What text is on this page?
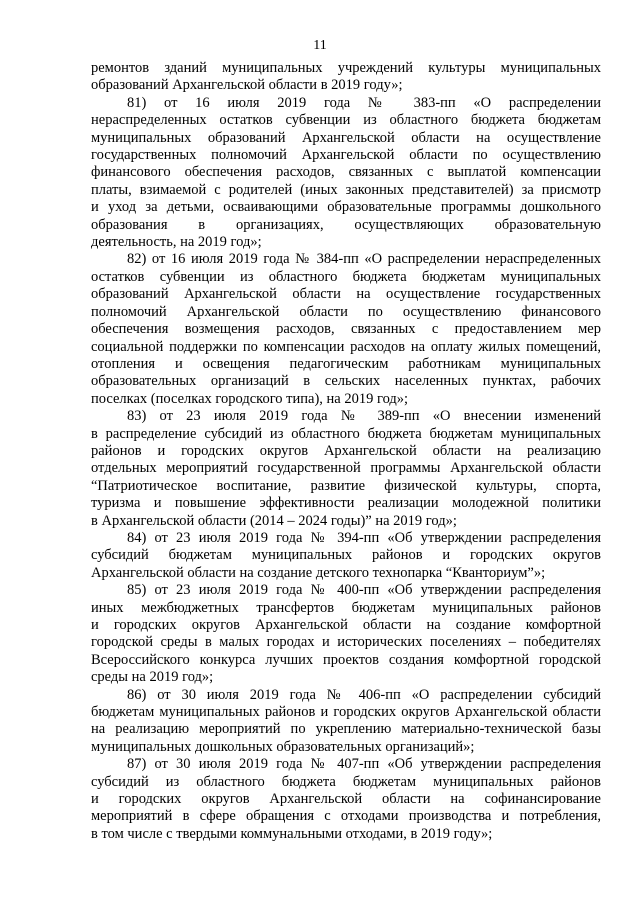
11

ремонтов зданий муниципальных учреждений культуры муниципальных
образований Архангельской области в 2019 году»;

81) от 16 июля 2019 года № 383-пп «О распределении
нераспределенных остатков субвенции из областного бюджета бюджетам
муниципальных образований Архангельской области на осуществление
государственных полномочий Архангельской области по осуществлению
финансового обеспечения расходов, связанных с выплатой компенсации
платы, взимаемой с родителей (иных законных представителей) за присмотр
и уход за детьми, осваивающими образовательные программы дошкольного
образования в организациях, осуществляющих образовательную
деятельность, на 2019 год»;

82) от 16 июля 2019 года № 384-пп «О распределении нераспределенных
остатков субвенции из областного бюджета бюджетам муниципальных
образований Архангельской области на осуществление государственных
полномочий Архангельской области по осуществлению финансового
обеспечения возмещения расходов, связанных с предоставлением мер
социальной поддержки по компенсации расходов на оплату жилых помещений,
отопления и освещения педагогическим работникам муниципальных
образовательных организаций в сельских населенных пунктах, рабочих
поселках (поселках городского типа), на 2019 год»;

83) от 23 июля 2019 года № 389-пп «О внесении изменений
в распределение субсидий из областного бюджета бюджетам муниципальных
районов и городских округов Архангельской области на реализацию
отдельных мероприятий государственной программы Архангельской области
“Патриотическое воспитание, развитие физической культуры, спорта,
туризма и повышение эффективности реализации молодежной политики
в Архангельской области (2014 – 2024 годы)” на 2019 год»;

84) от 23 июля 2019 года № 394-пп «Об утверждении распределения
субсидий бюджетам муниципальных районов и городских округов
Архангельской области на создание детского технопарка “Кванториум”»;

85) от 23 июля 2019 года № 400-пп «Об утверждении распределения
иных межбюджетных трансфертов бюджетам муниципальных районов
и городских округов Архангельской области на создание комфортной
городской среды в малых городах и исторических поселениях – победителях
Всероссийского конкурса лучших проектов создания комфортной городской
среды на 2019 год»;

86) от 30 июля 2019 года № 406-пп «О распределении субсидий
бюджетам муниципальных районов и городских округов Архангельской области
на реализацию мероприятий по укреплению материально-технической базы
муниципальных дошкольных образовательных организаций»;

87) от 30 июля 2019 года № 407-пп «Об утверждении распределения
субсидий из областного бюджета бюджетам муниципальных районов
и городских округов Архангельской области на софинансирование
мероприятий в сфере обращения с отходами производства и потребления,
в том числе с твердыми коммунальными отходами, в 2019 году»;
